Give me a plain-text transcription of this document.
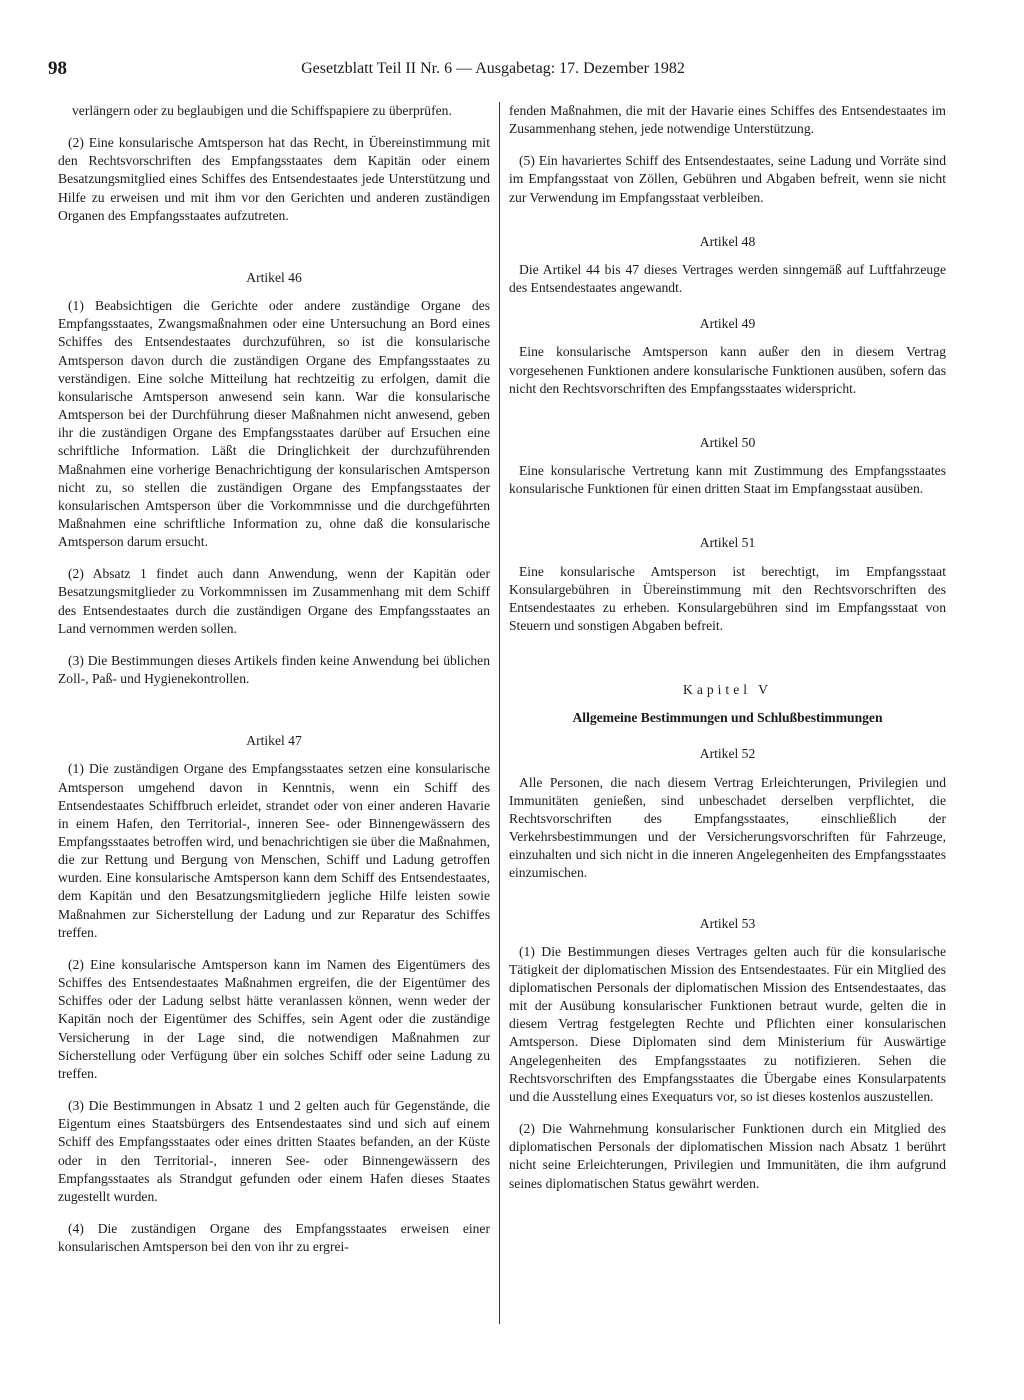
98	Gesetzblatt Teil II Nr. 6 — Ausgabetag: 17. Dezember 1982

verlängern oder zu beglaubigen und die Schiffspapiere zu überprüfen.

(2) Eine konsularische Amtsperson hat das Recht, in Übereinstimmung mit den Rechtsvorschriften des Empfangsstaates dem Kapitän oder einem Besatzungsmitglied eines Schiffes des Entsendestaates jede Unterstützung und Hilfe zu erweisen und mit ihm vor den Gerichten und anderen zuständigen Organen des Empfangsstaates aufzutreten.

Artikel 46

(1) Beabsichtigen die Gerichte oder andere zuständige Organe des Empfangsstaates, Zwangsmaßnahmen oder eine Untersuchung an Bord eines Schiffes des Entsendestaates durchzuführen, so ist die konsularische Amtsperson davon durch die zuständigen Organe des Empfangsstaates zu verständigen. Eine solche Mitteilung hat rechtzeitig zu erfolgen, damit die konsularische Amtsperson anwesend sein kann. War die konsularische Amtsperson bei der Durchführung dieser Maßnahmen nicht anwesend, geben ihr die zuständigen Organe des Empfangsstaates darüber auf Ersuchen eine schriftliche Information. Läßt die Dringlichkeit der durchzuführenden Maßnahmen eine vorherige Benachrichtigung der konsularischen Amtsperson nicht zu, so stellen die zuständigen Organe des Empfangsstaates der konsularischen Amtsperson über die Vorkommnisse und die durchgeführten Maßnahmen eine schriftliche Information zu, ohne daß die konsularische Amtsperson darum ersucht.

(2) Absatz 1 findet auch dann Anwendung, wenn der Kapitän oder Besatzungsmitglieder zu Vorkommnissen im Zusammenhang mit dem Schiff des Entsendestaates durch die zuständigen Organe des Empfangsstaates an Land vernommen werden sollen.

(3) Die Bestimmungen dieses Artikels finden keine Anwendung bei üblichen Zoll-, Paß- und Hygienekontrollen.

Artikel 47

(1) Die zuständigen Organe des Empfangsstaates setzen eine konsularische Amtsperson umgehend davon in Kenntnis, wenn ein Schiff des Entsendestaates Schiffbruch erleidet, strandet oder von einer anderen Havarie in einem Hafen, den Territorial-, inneren See- oder Binnengewässern des Empfangsstaates betroffen wird, und benachrichtigen sie über die Maßnahmen, die zur Rettung und Bergung von Menschen, Schiff und Ladung getroffen wurden. Eine konsularische Amtsperson kann dem Schiff des Entsendestaates, dem Kapitän und den Besatzungsmitgliedern jegliche Hilfe leisten sowie Maßnahmen zur Sicherstellung der Ladung und zur Reparatur des Schiffes treffen.

(2) Eine konsularische Amtsperson kann im Namen des Eigentümers des Schiffes des Entsendestaates Maßnahmen ergreifen, die der Eigentümer des Schiffes oder der Ladung selbst hätte veranlassen können, wenn weder der Kapitän noch der Eigentümer des Schiffes, sein Agent oder die zuständige Versicherung in der Lage sind, die notwendigen Maßnahmen zur Sicherstellung oder Verfügung über ein solches Schiff oder seine Ladung zu treffen.

(3) Die Bestimmungen in Absatz 1 und 2 gelten auch für Gegenstände, die Eigentum eines Staatsbürgers des Entsendestaates sind und sich auf einem Schiff des Empfangsstaates oder eines dritten Staates befanden, an der Küste oder in den Territorial-, inneren See- oder Binnengewässern des Empfangsstaates als Strandgut gefunden oder einem Hafen dieses Staates zugestellt wurden.

(4) Die zuständigen Organe des Empfangsstaates erweisen einer konsularischen Amtsperson bei den von ihr zu ergrei-

fenden Maßnahmen, die mit der Havarie eines Schiffes des Entsendestaates im Zusammenhang stehen, jede notwendige Unterstützung.

(5) Ein havariertes Schiff des Entsendestaates, seine Ladung und Vorräte sind im Empfangsstaat von Zöllen, Gebühren und Abgaben befreit, wenn sie nicht zur Verwendung im Empfangsstaat verbleiben.

Artikel 48

Die Artikel 44 bis 47 dieses Vertrages werden sinngemäß auf Luftfahrzeuge des Entsendestaates angewandt.

Artikel 49

Eine konsularische Amtsperson kann außer den in diesem Vertrag vorgesehenen Funktionen andere konsularische Funktionen ausüben, sofern das nicht den Rechtsvorschriften des Empfangsstaates widerspricht.

Artikel 50

Eine konsularische Vertretung kann mit Zustimmung des Empfangsstaates konsularische Funktionen für einen dritten Staat im Empfangsstaat ausüben.

Artikel 51

Eine konsularische Amtsperson ist berechtigt, im Empfangsstaat Konsulargebühren in Übereinstimmung mit den Rechtsvorschriften des Entsendestaates zu erheben. Konsulargebühren sind im Empfangsstaat von Steuern und sonstigen Abgaben befreit.

Kapitel V
Allgemeine Bestimmungen und Schlußbestimmungen
Artikel 52

Alle Personen, die nach diesem Vertrag Erleichterungen, Privilegien und Immunitäten genießen, sind unbeschadet derselben verpflichtet, die Rechtsvorschriften des Empfangsstaates, einschließlich der Verkehrsbestimmungen und der Versicherungsvorschriften für Fahrzeuge, einzuhalten und sich nicht in die inneren Angelegenheiten des Empfangsstaates einzumischen.

Artikel 53

(1) Die Bestimmungen dieses Vertrages gelten auch für die konsularische Tätigkeit der diplomatischen Mission des Entsendestaates. Für ein Mitglied des diplomatischen Personals der diplomatischen Mission des Entsendestaates, das mit der Ausübung konsularischer Funktionen betraut wurde, gelten die in diesem Vertrag festgelegten Rechte und Pflichten einer konsularischen Amtsperson. Diese Diplomaten sind dem Ministerium für Auswärtige Angelegenheiten des Empfangsstaates zu notifizieren. Sehen die Rechtsvorschriften des Empfangsstaates die Übergabe eines Konsularpatents und die Ausstellung eines Exequaturs vor, so ist dieses kostenlos auszustellen.

(2) Die Wahrnehmung konsularischer Funktionen durch ein Mitglied des diplomatischen Personals der diplomatischen Mission nach Absatz 1 berührt nicht seine Erleichterungen, Privilegien und Immunitäten, die ihm aufgrund seines diplomatischen Status gewährt werden.
